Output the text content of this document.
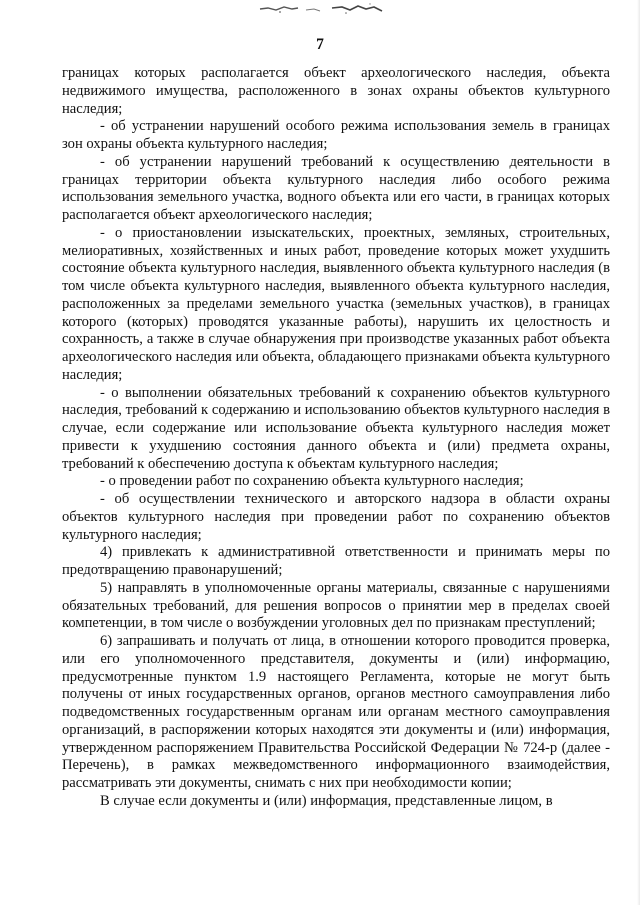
7

границах которых располагается объект археологического наследия, объекта недвижимого имущества, расположенного в зонах охраны объектов культурного наследия;

- об устранении нарушений особого режима использования земель в границах зон охраны объекта культурного наследия;

- об устранении нарушений требований к осуществлению деятельности в границах территории объекта культурного наследия либо особого режима использования земельного участка, водного объекта или его части, в границах которых располагается объект археологического наследия;

- о приостановлении изыскательских, проектных, земляных, строительных, мелиоративных, хозяйственных и иных работ, проведение которых может ухудшить состояние объекта культурного наследия, выявленного объекта культурного наследия (в том числе объекта культурного наследия, выявленного объекта культурного наследия, расположенных за пределами земельного участка (земельных участков), в границах которого (которых) проводятся указанные работы), нарушить их целостность и сохранность, а также в случае обнаружения при производстве указанных работ объекта археологического наследия или объекта, обладающего признаками объекта культурного наследия;

- о выполнении обязательных требований к сохранению объектов культурного наследия, требований к содержанию и использованию объектов культурного наследия в случае, если содержание или использование объекта культурного наследия может привести к ухудшению состояния данного объекта и (или) предмета охраны, требований к обеспечению доступа к объектам культурного наследия;

- о проведении работ по сохранению объекта культурного наследия;

- об осуществлении технического и авторского надзора в области охраны объектов культурного наследия при проведении работ по сохранению объектов культурного наследия;

4) привлекать к административной ответственности и принимать меры по предотвращению правонарушений;

5) направлять в уполномоченные органы материалы, связанные с нарушениями обязательных требований, для решения вопросов о принятии мер в пределах своей компетенции, в том числе о возбуждении уголовных дел по признакам преступлений;

6) запрашивать и получать от лица, в отношении которого проводится проверка, или его уполномоченного представителя, документы и (или) информацию, предусмотренные пунктом 1.9 настоящего Регламента, которые не могут быть получены от иных государственных органов, органов местного самоуправления либо подведомственных государственным органам или органам местного самоуправления организаций, в распоряжении которых находятся эти документы и (или) информация, утвержденном распоряжением Правительства Российской Федерации № 724-р (далее - Перечень), в рамках межведомственного информационного взаимодействия, рассматривать эти документы, снимать с них при необходимости копии;

В случае если документы и (или) информация, представленные лицом, в
